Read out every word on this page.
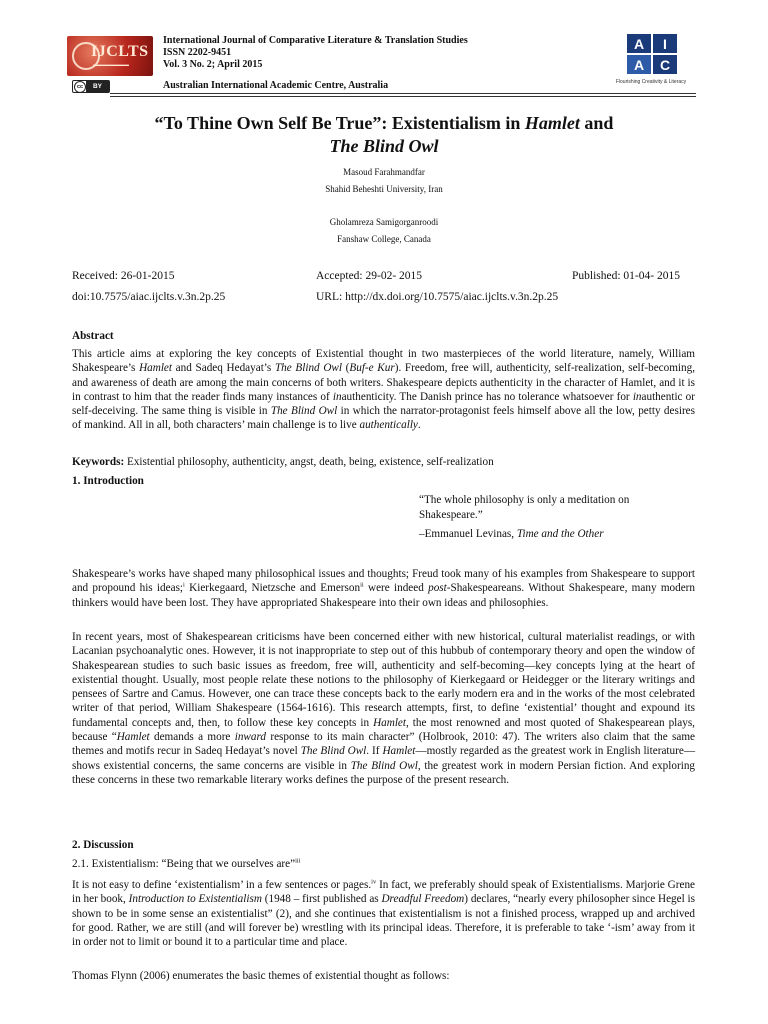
IJCLTS
▬▬▬▬▬▬▬▬
cc	BY
International Journal of Comparative Literature & Translation Studies
ISSN 2202-9451
Vol. 3 No. 2; April 2015
Australian International Academic Centre, Australia
A	I
A	C
Flourishing Creativity & Literacy
“To Thine Own Self Be True”: Existentialism in Hamlet and
The Blind Owl
Masoud Farahmandfar
Shahid Beheshti University, Iran
Gholamreza Samigorganroodi
Fanshaw College, Canada
Received: 26-01-2015	Accepted: 29-02- 2015	Published: 01-04- 2015
doi:10.7575/aiac.ijclts.v.3n.2p.25	URL: http://dx.doi.org/10.7575/aiac.ijclts.v.3n.2p.25
Abstract

This article aims at exploring the key concepts of Existential thought in two masterpieces of the world literature, namely, William Shakespeare’s Hamlet and Sadeq Hedayat’s The Blind Owl (Buf-e Kur). Freedom, free will, authenticity, self-realization, self-becoming, and awareness of death are among the main concerns of both writers. Shakespeare depicts authenticity in the character of Hamlet, and it is in contrast to him that the reader finds many instances of inauthenticity. The Danish prince has no tolerance whatsoever for inauthentic or self-deceiving. The same thing is visible in The Blind Owl in which the narrator-protagonist feels himself above all the low, petty desires of mankind. All in all, both characters’ main challenge is to live authentically.

Keywords: Existential philosophy, authenticity, angst, death, being, existence, self-realization

1. Introduction

“The whole philosophy is only a meditation on Shakespeare.”

–Emmanuel Levinas, Time and the Other

Shakespeare’s works have shaped many philosophical issues and thoughts; Freud took many of his examples from Shakespeare to support and propound his ideas;$^i$ Kierkegaard, Nietzsche and Emerson$^{ii}$ were indeed post-Shakespeareans. Without Shakespeare, many modern thinkers would have been lost. They have appropriated Shakespeare into their own ideas and philosophies.

In recent years, most of Shakespearean criticisms have been concerned either with new historical, cultural materialist readings, or with Lacanian psychoanalytic ones. However, it is not inappropriate to step out of this hubbub of contemporary theory and open the window of Shakespearean studies to such basic issues as freedom, free will, authenticity and self-becoming—key concepts lying at the heart of existential thought. Usually, most people relate these notions to the philosophy of Kierkegaard or Heidegger or the literary writings and pensees of Sartre and Camus. However, one can trace these concepts back to the early modern era and in the works of the most celebrated writer of that period, William Shakespeare (1564-1616). This research attempts, first, to define ‘existential’ thought and expound its fundamental concepts and, then, to follow these key concepts in Hamlet, the most renowned and most quoted of Shakespearean plays, because “Hamlet demands a more inward response to its main character” (Holbrook, 2010: 47). The writers also claim that the same themes and motifs recur in Sadeq Hedayat’s novel The Blind Owl. If Hamlet—mostly regarded as the greatest work in English literature—shows existential concerns, the same concerns are visible in The Blind Owl, the greatest work in modern Persian fiction. And exploring these concerns in these two remarkable literary works defines the purpose of the present research.

2. Discussion
2.1. Existentialism: “Being that we ourselves are”$^{iii}$

It is not easy to define ‘existentialism’ in a few sentences or pages.$^{iv}$ In fact, we preferably should speak of Existentialisms. Marjorie Grene in her book, Introduction to Existentialism (1948 – first published as Dreadful Freedom) declares, “nearly every philosopher since Hegel is shown to be in some sense an existentialist” (2), and she continues that existentialism is not a finished process, wrapped up and archived for good. Rather, we are still (and will forever be) wrestling with its principal ideas. Therefore, it is preferable to take ‘-ism’ away from it in order not to limit or bound it to a particular time and place.

Thomas Flynn (2006) enumerates the basic themes of existential thought as follows:
